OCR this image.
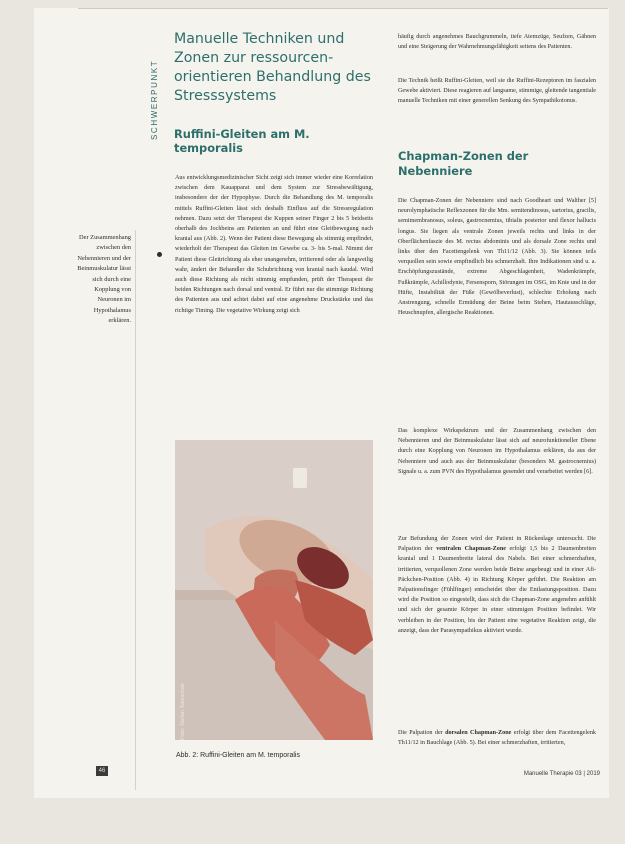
SCHWERPUNKT
Manuelle Techniken und Zonen zur ressourcen-orientieren Behandlung des Stresssystems
Ruffini-Gleiten am M. temporalis
Aus entwicklungsmedizinischer Sicht zeigt sich immer wieder eine Korrelation zwischen dem Kauapparat und dem System zur Stressbewältigung, insbesondere der der Hypophyse. Durch die Behandlung des M. temporalis mittels Ruffini-Gleiten lässt sich deshalb Einfluss auf die Stressregulation nehmen. Dazu setzt der Therapeut die Kuppen seiner Finger 2 bis 5 beidseits oberhalb des Jochbeins am Patienten an und führt eine Gleitbewegung nach kranial aus (Abb. 2). Wenn der Patient diese Bewegung als stimmig empfindet, wiederholt der Therapeut das Gleiten im Gewebe ca. 3- bis 5-mal. Nimmt der Patient diese Gleitrichtung als eher unangenehm, irritierend oder als langweilig wahr, ändert der Behandler die Schubrichtung von kranial nach kaudal. Wird auch diese Richtung als nicht stimmig empfunden, prüft der Therapeut die beiden Richtungen nach dorsal und ventral. Er führt nur die stimmige Richtung des Patienten aus und achtet dabei auf eine angenehme Druckstärke und das richtige Timing. Die vegetative Wirkung zeigt sich

Der Zusammenhang zwischen den Nebennieren und der Beinmuskulatur lässt sich durch eine Kopplung von Neuronen im Hypothalamus erklären.

Foto: Stefan Saleschak

Abb. 2: Ruffini-Gleiten am M. temporalis

häufig durch angenehmes Bauchgrummeln, tiefe Atemzüge, Seufzen, Gähnen und eine Steigerung der Wahrnehmungsfähigkeit seitens des Patienten.

Die Technik heißt Ruffini-Gleiten, weil sie die Ruffini-Rezeptoren im faszialen Gewebe aktiviert. Diese reagieren auf langsame, stimmige, gleitende tangentiale manuelle Techniken mit einer generellen Senkung des Sympathikotonus.

Chapman-Zonen der Nebenniere

Die Chapman-Zonen der Nebenniere sind nach Goodheart und Walther [5] neurolymphatische Reflexzonen für die Mm. semitendinosus, sartorius, gracilis, semimembranosus, soleus, gastrocnemius, tibialis posterior und flexor hallucis longus. Sie liegen als ventrale Zonen jeweils rechts und links in der Oberflächenfaszie des M. rectus abdominis und als dorsale Zone rechts und links über den Facettengelenk von Th11/12 (Abb. 3). Sie können teils verquollen sein sowie empfindlich bis schmerzhaft. Ihre Indikationen sind u. a. Erschöpfungszustände, extreme Abgeschlagenheit, Wadenkrämpfe, Fußkrämpfe, Achillodynie, Fersensporn, Störungen im OSG, im Knie und in der Hüfte, Instabilität der Füße (Gewölbeverlust), schlechte Erholung nach Anstrengung, schnelle Ermüdung der Beine beim Stehen, Hautausschläge, Heuschnupfen, allergische Reaktionen.

Das komplexe Wirkspektrum und der Zusammenhang zwischen den Nebennieren und der Beinmuskulatur lässt sich auf neurofunktioneller Ebene durch eine Kopplung von Neuronen im Hypothalamus erklären, da aus der Nebenniere und auch aus der Beinmuskulatur (besonders M. gastrocnemius) Signale u. a. zum PVN des Hypothalamus gesendet und verarbeitet werden [6].

Zur Befundung der Zonen wird der Patient in Rückenlage untersucht. Die Palpation der ventralen Chapman-Zone erfolgt 1,5 bis 2 Daumenbreiten kranial und 1 Daumenbreite lateral des Nabels. Bei einer schmerzhaften, irritierten, verquollenen Zone werden beide Beine angebeugt und in einer Afi-Päckchen-Position (Abb. 4) in Richtung Körper geführt. Die Reaktion am Palpationsfinger (Fühlfinger) entscheidet über die Entlastungsposition. Dazu wird die Position so eingestellt, dass sich die Chapman-Zone angenehm anfühlt und sich der gesamte Körper in einer stimmigen Position befindet. Wir verbleiben in der Position, bis der Patient eine vegetative Reaktion zeigt, die anzeigt, dass der Parasympathikus aktiviert wurde.

Die Palpation der dorsalen Chapman-Zone erfolgt über dem Facettengelenk Th11/12 in Bauchlage (Abb. 5). Bei einer schmerzhaften, irritierten,

46	Manuelle Therapie 03 | 2019
